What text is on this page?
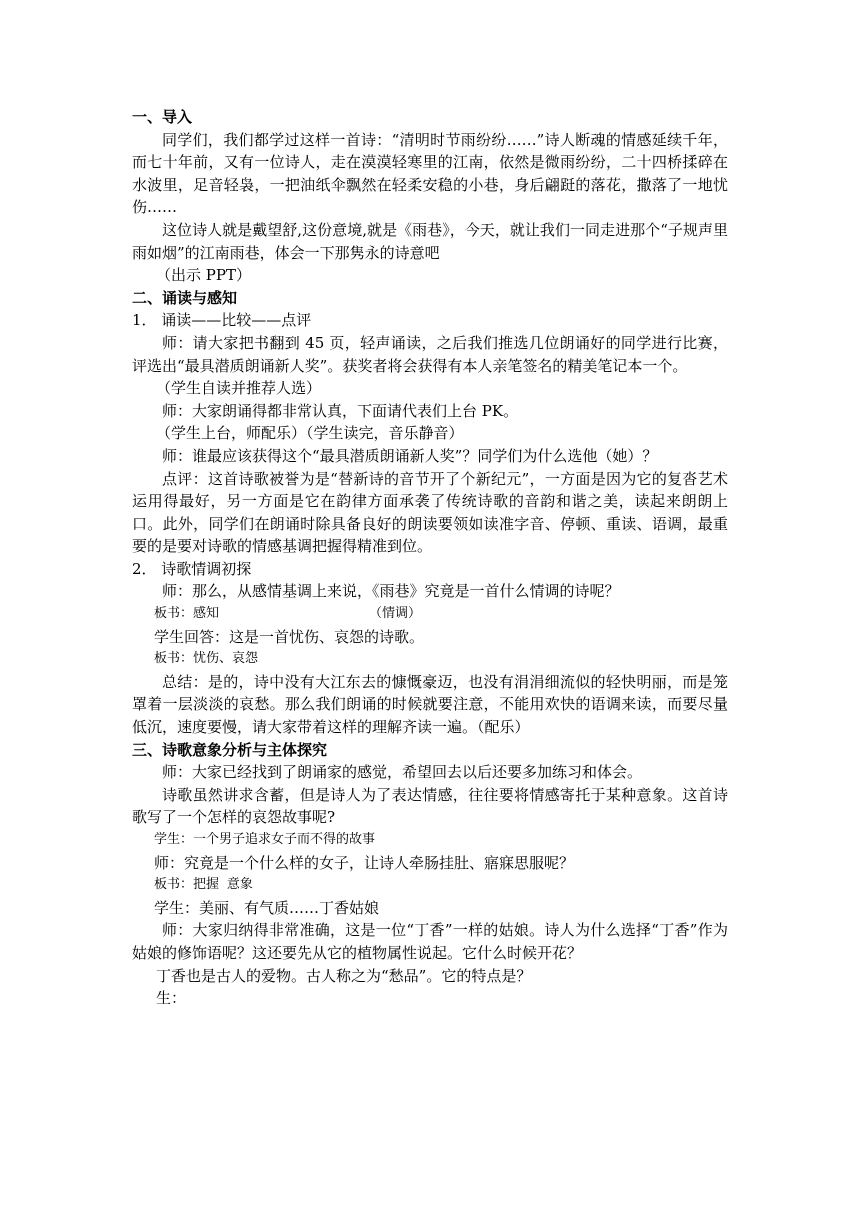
一、导入

同学们，我们都学过这样一首诗：“清明时节雨纷纷……”诗人断魂的情感延续千年，而七十年前，又有一位诗人，走在漠漠轻寒里的江南，依然是微雨纷纷，二十四桥揉碎在水波里，足音轻袅，一把油纸伞飘然在轻柔安稳的小巷，身后翩跹的落花，撒落了一地忧伤……

这位诗人就是戴望舒,这份意境,就是《雨巷》，今天，就让我们一同走进那个“子规声里雨如烟”的江南雨巷，体会一下那隽永的诗意吧

（出示 PPT）

二、诵读与感知

1． 诵读——比较——点评

师：请大家把书翻到 45 页，轻声诵读，之后我们推选几位朗诵好的同学进行比赛，评选出“最具潜质朗诵新人奖”。获奖者将会获得有本人亲笔签名的精美笔记本一个。

（学生自读并推荐人选）

师：大家朗诵得都非常认真，下面请代表们上台 PK。

（学生上台，师配乐）（学生读完，音乐静音）

师：谁最应该获得这个“最具潜质朗诵新人奖”？同学们为什么选他（她）？

点评：这首诗歌被誉为是“替新诗的音节开了个新纪元”，一方面是因为它的复沓艺术运用得最好，另一方面是它在韵律方面承袭了传统诗歌的音韵和谐之美，读起来朗朗上口。此外，同学们在朗诵时除具备良好的朗读要领如读准字音、停顿、重读、语调，最重要的是要对诗歌的情感基调把握得精准到位。

2． 诗歌情调初探

师：那么，从感情基调上来说，《雨巷》究竟是一首什么情调的诗呢？

板书：感知	（情调）

学生回答：这是一首忧伤、哀怨的诗歌。

板书：忧伤、哀怨

总结：是的，诗中没有大江东去的慷慨豪迈，也没有涓涓细流似的轻快明丽，而是笼罩着一层淡淡的哀愁。那么我们朗诵的时候就要注意，不能用欢快的语调来读，而要尽量低沉，速度要慢，请大家带着这样的理解齐读一遍。（配乐）

三、诗歌意象分析与主体探究

师：大家已经找到了朗诵家的感觉，希望回去以后还要多加练习和体会。

诗歌虽然讲求含蓄，但是诗人为了表达情感，往往要将情感寄托于某种意象。这首诗歌写了一个怎样的哀怨故事呢?

学生：一个男子追求女子而不得的故事

师：究竟是一个什么样的女子，让诗人牵肠挂肚、寤寐思服呢？

板书：把握 意象

学生：美丽、有气质……丁香姑娘

师：大家归纳得非常准确，这是一位“丁香”一样的姑娘。诗人为什么选择“丁香”作为姑娘的修饰语呢？这还要先从它的植物属性说起。它什么时候开花？

丁香也是古人的爱物。古人称之为“愁品”。它的特点是？

生：
